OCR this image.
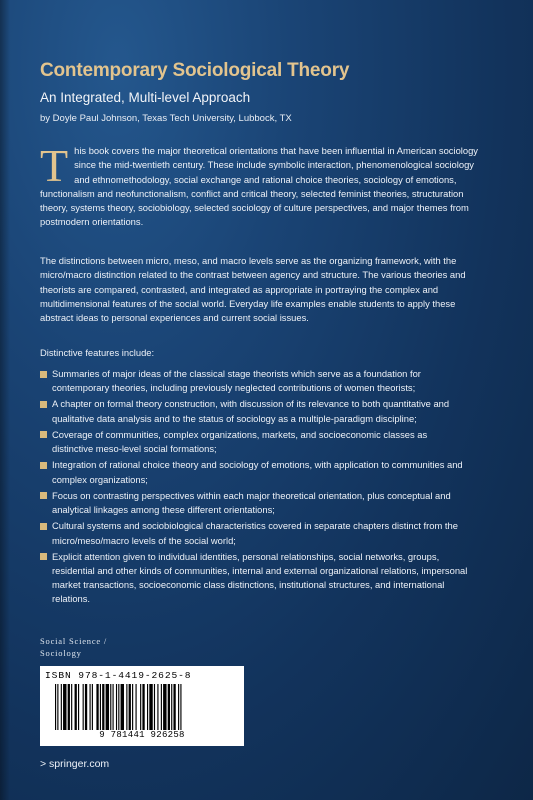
Contemporary Sociological Theory
An Integrated, Multi-level Approach
by Doyle Paul Johnson, Texas Tech University, Lubbock, TX

This book covers the major theoretical orientations that have been influential in American sociology since the mid-twentieth century. These include symbolic interaction, phenomenological sociology and ethnomethodology, social exchange and rational choice theories, sociology of emotions, functionalism and neofunctionalism, conflict and critical theory, selected feminist theories, structuration theory, systems theory, sociobiology, selected sociology of culture perspectives, and major themes from postmodern orientations.

The distinctions between micro, meso, and macro levels serve as the organizing framework, with the micro/macro distinction related to the contrast between agency and structure. The various theories and theorists are compared, contrasted, and integrated as appropriate in portraying the complex and multidimensional features of the social world. Everyday life examples enable students to apply these abstract ideas to personal experiences and current social issues.

Distinctive features include:

Summaries of major ideas of the classical stage theorists which serve as a foundation for contemporary theories, including previously neglected contributions of women theorists;
A chapter on formal theory construction, with discussion of its relevance to both quantitative and qualitative data analysis and to the status of sociology as a multiple-paradigm discipline;
Coverage of communities, complex organizations, markets, and socioeconomic classes as distinctive meso-level social formations;
Integration of rational choice theory and sociology of emotions, with application to communities and complex organizations;
Focus on contrasting perspectives within each major theoretical orientation, plus conceptual and analytical linkages among these different orientations;
Cultural systems and sociobiological characteristics covered in separate chapters distinct from the micro/meso/macro levels of the social world;
Explicit attention given to individual identities, personal relationships, social networks, groups, residential and other kinds of communities, internal and external organizational relations, impersonal market transactions, socioeconomic class distinctions, institutional structures, and international relations.
Social Science /
Sociology
ISBN 978-1-4419-2625-8
9 781441 926258
> springer.com
